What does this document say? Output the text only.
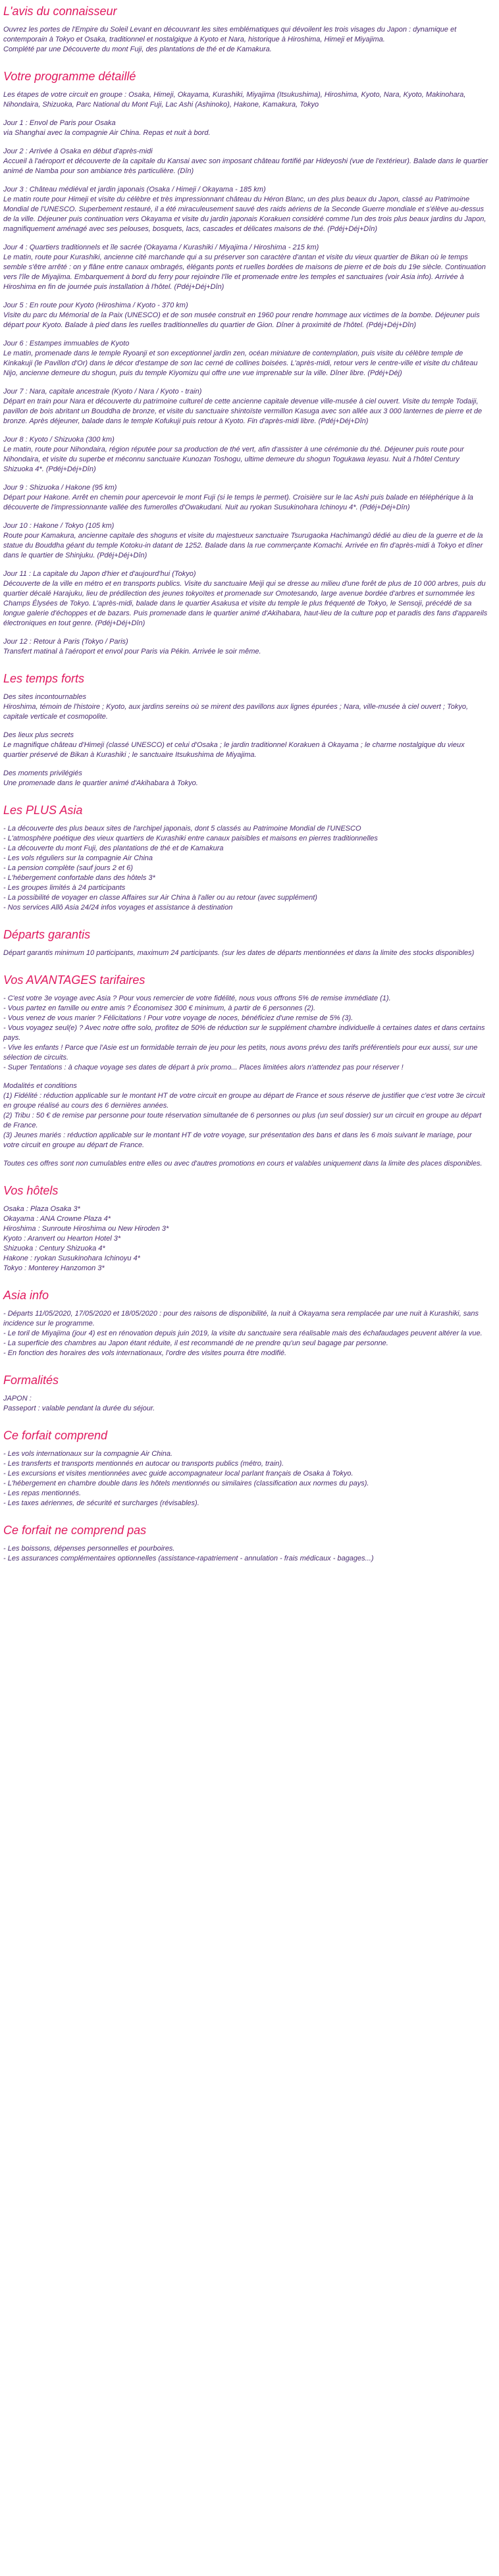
L'avis du connaisseur

Ouvrez les portes de l'Empire du Soleil Levant en découvrant les sites emblématiques qui dévoilent les trois visages du Japon : dynamique et contemporain à Tokyo et Osaka, traditionnel et nostalgique à Kyoto et Nara, historique à Hiroshima, Himeji et Miyajima.

Complété par une Découverte du mont Fuji, des plantations de thé et de Kamakura.

Votre programme détaillé

Les étapes de votre circuit en groupe : Osaka, Himeji, Okayama, Kurashiki, Miyajima (Itsukushima), Hiroshima, Kyoto, Nara, Kyoto, Makinohara, Nihondaira, Shizuoka, Parc National du Mont Fuji, Lac Ashi (Ashinoko), Hakone, Kamakura, Tokyo

Jour 1 : Envol de Paris pour Osaka

via Shanghai avec la compagnie Air China. Repas et nuit à bord.

Jour 2 : Arrivée à Osaka en début d'après-midi

Accueil à l'aéroport et découverte de la capitale du Kansai avec son imposant château fortifié par Hideyoshi (vue de l'extérieur). Balade dans le quartier animé de Namba pour son ambiance très particulière. (Dîn)

Jour 3 : Château médiéval et jardin japonais (Osaka / Himeji / Okayama - 185 km)

Le matin route pour Himeji et visite du célèbre et très impressionnant château du Héron Blanc, un des plus beaux du Japon, classé au Patrimoine Mondial de l'UNESCO. Superbement restauré, il a été miraculeusement sauvé des raids aériens de la Seconde Guerre mondiale et s'élève au-dessus de la ville. Déjeuner puis continuation vers Okayama et visite du jardin japonais Korakuen considéré comme l'un des trois plus beaux jardins du Japon, magnifiquement aménagé avec ses pelouses, bosquets, lacs, cascades et délicates maisons de thé. (Pdéj+Déj+Dîn)

Jour 4 : Quartiers traditionnels et île sacrée (Okayama / Kurashiki / Miyajima / Hiroshima - 215 km)

Le matin, route pour Kurashiki, ancienne cité marchande qui a su préserver son caractère d'antan et visite du vieux quartier de Bikan où le temps semble s'être arrêté : on y flâne entre canaux ombragés, élégants ponts et ruelles bordées de maisons de pierre et de bois du 19e siècle. Continuation vers l'île de Miyajima. Embarquement à bord du ferry pour rejoindre l'île et promenade entre les temples et sanctuaires (voir Asia info). Arrivée à Hiroshima en fin de journée puis installation à l'hôtel. (Pdéj+Déj+Dîn)

Jour 5 : En route pour Kyoto (Hiroshima / Kyoto - 370 km)

Visite du parc du Mémorial de la Paix (UNESCO) et de son musée construit en 1960 pour rendre hommage aux victimes de la bombe. Déjeuner puis départ pour Kyoto. Balade à pied dans les ruelles traditionnelles du quartier de Gion. Dîner à proximité de l'hôtel. (Pdéj+Déj+Dîn)

Jour 6 : Estampes immuables de Kyoto

Le matin, promenade dans le temple Ryoanji et son exceptionnel jardin zen, océan miniature de contemplation, puis visite du célèbre temple de Kinkakuji (le Pavillon d'Or) dans le décor d'estampe de son lac cerné de collines boisées. L'après-midi, retour vers le centre-ville et visite du château Nijo, ancienne demeure du shogun, puis du temple Kiyomizu qui offre une vue imprenable sur la ville. Dîner libre. (Pdéj+Déj)

Jour 7 : Nara, capitale ancestrale (Kyoto / Nara / Kyoto - train)

Départ en train pour Nara et découverte du patrimoine culturel de cette ancienne capitale devenue ville-musée à ciel ouvert. Visite du temple Todaiji, pavillon de bois abritant un Bouddha de bronze, et visite du sanctuaire shintoïste vermillon Kasuga avec son allée aux 3 000 lanternes de pierre et de bronze. Après déjeuner, balade dans le temple Kofukuji puis retour à Kyoto. Fin d'après-midi libre. (Pdéj+Déj+Dîn)

Jour 8 : Kyoto / Shizuoka (300 km)

Le matin, route pour Nihondaira, région réputée pour sa production de thé vert, afin d'assister à une cérémonie du thé. Déjeuner puis route pour Nihondaira, et visite du superbe et méconnu sanctuaire Kunozan Toshogu, ultime demeure du shogun Togukawa Ieyasu. Nuit à l'hôtel Century Shizuoka 4*. (Pdéj+Déj+Dîn)

Jour 9 : Shizuoka / Hakone (95 km)

Départ pour Hakone. Arrêt en chemin pour apercevoir le mont Fuji (si le temps le permet). Croisière sur le lac Ashi puis balade en téléphérique à la découverte de l'impressionnante vallée des fumerolles d'Owakudani. Nuit au ryokan Susukinohara Ichinoyu 4*. (Pdéj+Déj+Dîn)

Jour 10 : Hakone / Tokyo (105 km)

Route pour Kamakura, ancienne capitale des shoguns et visite du majestueux sanctuaire Tsurugaoka Hachimangû dédié au dieu de la guerre et de la statue du Bouddha géant du temple Kotoku-in datant de 1252. Balade dans la rue commerçante Komachi. Arrivée en fin d'après-midi à Tokyo et dîner dans le quartier de Shinjuku. (Pdéj+Déj+Dîn)

Jour 11 : La capitale du Japon d'hier et d'aujourd'hui (Tokyo)

Découverte de la ville en métro et en transports publics. Visite du sanctuaire Meiji qui se dresse au milieu d'une forêt de plus de 10 000 arbres, puis du quartier décalé Harajuku, lieu de prédilection des jeunes tokyoïtes et promenade sur Omotesando, large avenue bordée d'arbres et surnommée les Champs Élysées de Tokyo. L'après-midi, balade dans le quartier Asakusa et visite du temple le plus fréquenté de Tokyo, le Sensoji, précédé de sa longue galerie d'échoppes et de bazars. Puis promenade dans le quartier animé d'Akihabara, haut-lieu de la culture pop et paradis des fans d'appareils électroniques en tout genre. (Pdéj+Déj+Dîn)

Jour 12 : Retour à Paris (Tokyo / Paris)

Transfert matinal à l'aéroport et envol pour Paris via Pékin. Arrivée le soir même.

Les temps forts
Des sites incontournables

Hiroshima, témoin de l'histoire ; Kyoto, aux jardins sereins où se mirent des pavillons aux lignes épurées ; Nara, ville-musée à ciel ouvert ; Tokyo, capitale verticale et cosmopolite.

Des lieux plus secrets

Le magnifique château d'Himeji (classé UNESCO) et celui d'Osaka ; le jardin traditionnel Korakuen à Okayama ; le charme nostalgique du vieux quartier préservé de Bikan à Kurashiki ; le sanctuaire Itsukushima de Miyajima.

Des moments privilégiés

Une promenade dans le quartier animé d'Akihabara à Tokyo.

Les PLUS Asia

- La découverte des plus beaux sites de l'archipel japonais, dont 5 classés au Patrimoine Mondial de l'UNESCO

- L'atmosphère poétique des vieux quartiers de Kurashiki entre canaux paisibles et maisons en pierres traditionnelles

- La découverte du mont Fuji, des plantations de thé et de Kamakura

- Les vols réguliers sur la compagnie Air China

- La pension complète (sauf jours 2 et 6)

- L'hébergement confortable dans des hôtels 3*

- Les groupes limités à 24 participants

- La possibilité de voyager en classe Affaires sur Air China à l'aller ou au retour (avec supplément)

- Nos services Allô Asia 24/24 infos voyages et assistance à destination

Départs garantis

Départ garantis minimum 10 participants, maximum 24 participants. (sur les dates de départs mentionnées et dans la limite des stocks disponibles)

Vos AVANTAGES tarifaires

- C'est votre 3e voyage avec Asia ? Pour vous remercier de votre fidélité, nous vous offrons 5% de remise immédiate (1).

- Vous partez en famille ou entre amis ? Économisez 300 € minimum, à partir de 6 personnes (2).

- Vous venez de vous marier ? Félicitations ! Pour votre voyage de noces, bénéficiez d'une remise de 5% (3).

- Vous voyagez seul(e) ? Avec notre offre solo, profitez de 50% de réduction sur le supplément chambre individuelle à certaines dates et dans certains pays.

- Vive les enfants ! Parce que l'Asie est un formidable terrain de jeu pour les petits, nous avons prévu des tarifs préférentiels pour eux aussi, sur une sélection de circuits.

- Super Tentations : à chaque voyage ses dates de départ à prix promo... Places limitées alors n'attendez pas pour réserver !

Modalités et conditions

(1) Fidélité : réduction applicable sur le montant HT de votre circuit en groupe au départ de France et sous réserve de justifier que c'est votre 3e circuit en groupe réalisé au cours des 6 dernières années.

(2) Tribu : 50 € de remise par personne pour toute réservation simultanée de 6 personnes ou plus (un seul dossier) sur un circuit en groupe au départ de France.

(3) Jeunes mariés : réduction applicable sur le montant HT de votre voyage, sur présentation des bans et dans les 6 mois suivant le mariage, pour votre circuit en groupe au départ de France.

Toutes ces offres sont non cumulables entre elles ou avec d'autres promotions en cours et valables uniquement dans la limite des places disponibles.

Vos hôtels

Osaka : Plaza Osaka 3*

Okayama : ANA Crowne Plaza 4*

Hiroshima : Sunroute Hiroshima ou New Hiroden 3*

Kyoto : Aranvert ou Hearton Hotel 3*

Shizuoka : Century Shizuoka 4*

Hakone : ryokan Susukinohara Ichinoyu 4*

Tokyo : Monterey Hanzomon 3*

Asia info

- Départs 11/05/2020, 17/05/2020 et 18/05/2020 : pour des raisons de disponibilité, la nuit à Okayama sera remplacée par une nuit à Kurashiki, sans incidence sur le programme.

- Le toril de Miyajima (jour 4) est en rénovation depuis juin 2019, la visite du sanctuaire sera réalisable mais des échafaudages peuvent altérer la vue.

- La superficie des chambres au Japon étant réduite, il est recommandé de ne prendre qu'un seul bagage par personne.

- En fonction des horaires des vols internationaux, l'ordre des visites pourra être modifié.

Formalités

JAPON :

Passeport : valable pendant la durée du séjour.

Ce forfait comprend

- Les vols internationaux sur la compagnie Air China.

- Les transferts et transports mentionnés en autocar ou transports publics (métro, train).

- Les excursions et visites mentionnées avec guide accompagnateur local parlant français de Osaka à Tokyo.

- L'hébergement en chambre double dans les hôtels mentionnés ou similaires (classification aux normes du pays).

- Les repas mentionnés.

- Les taxes aériennes, de sécurité et surcharges (révisables).

Ce forfait ne comprend pas

- Les boissons, dépenses personnelles et pourboires.

- Les assurances complémentaires optionnelles (assistance-rapatriement - annulation - frais médicaux - bagages...)
